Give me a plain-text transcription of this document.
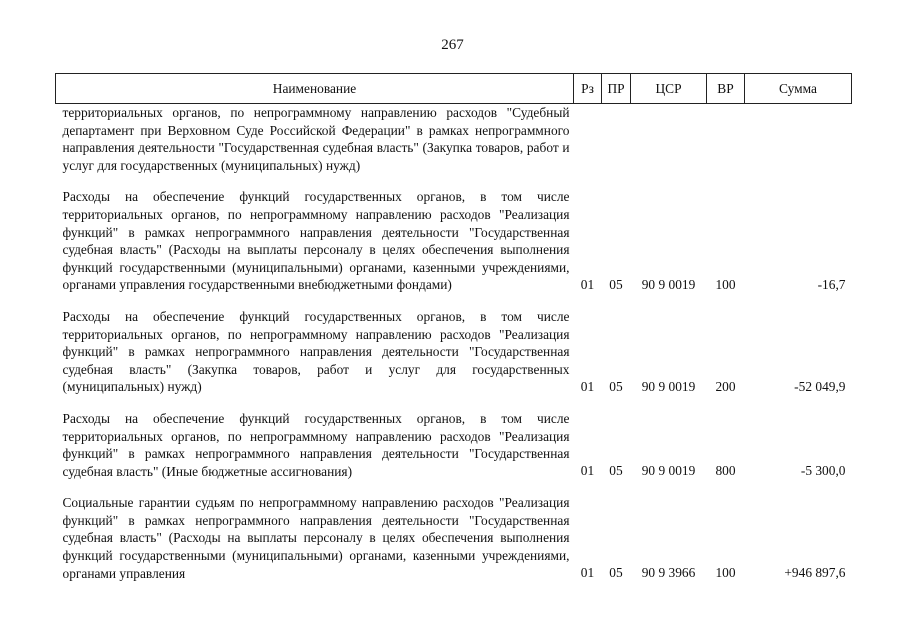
267
Наименование	Рз	ПР	ЦСР	ВР	Сумма
территориальных органов, по непрограммному направлению расходов "Судебный департамент при Верховном Суде Российской Федерации" в рамках непрограммного направления деятельности "Государственная судебная власть" (Закупка товаров, работ и услуг для государственных (муниципальных) нужд)					
Расходы на обеспечение функций государственных органов, в том числе территориальных органов, по непрограммному направлению расходов "Реализация функций" в рамках непрограммного направления деятельности "Государственная судебная власть" (Расходы на выплаты персоналу в целях обеспечения выполнения функций государственными (муниципальными) органами, казенными учреждениями, органами управления государственными внебюджетными фондами)	01	05	90 9 0019	100	-16,7
Расходы на обеспечение функций государственных органов, в том числе территориальных органов, по непрограммному направлению расходов "Реализация функций" в рамках непрограммного направления деятельности "Государственная судебная власть" (Закупка товаров, работ и услуг для государственных (муниципальных) нужд)	01	05	90 9 0019	200	-52 049,9
Расходы на обеспечение функций государственных органов, в том числе территориальных органов, по непрограммному направлению расходов "Реализация функций" в рамках непрограммного направления деятельности "Государственная судебная власть" (Иные бюджетные ассигнования)	01	05	90 9 0019	800	-5 300,0
Социальные гарантии судьям по непрограммному направлению расходов "Реализация функций" в рамках непрограммного направления деятельности "Государственная судебная власть" (Расходы на выплаты персоналу в целях обеспечения выполнения функций государственными (муниципальными) органами, казенными учреждениями, органами управления	01	05	90 9 3966	100	+946 897,6
